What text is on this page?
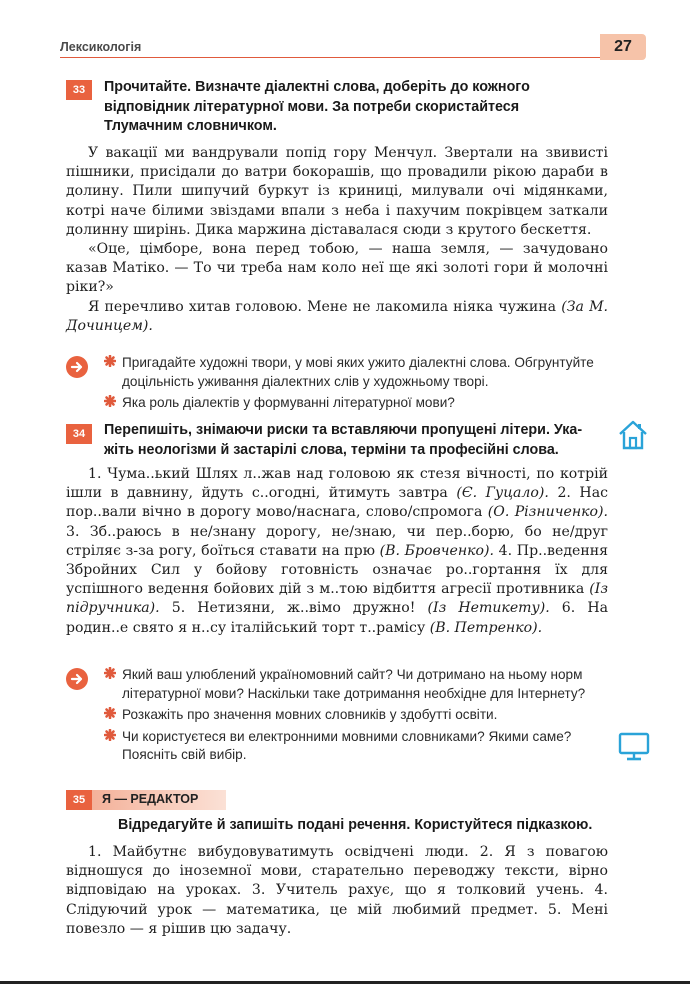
Лексикологія	27
33	Прочитайте. Визначте діалектні слова, доберіть до кожного
відповідник літературної мови. За потреби скористайтеся
Тлумачним словничком.

У вакації ми вандрували попід гору Менчул. Звертали на звивисті пішники, присідали до ватри бокорашів, що провадили рікою дараби в долину. Пили шипучий буркут із криниці, милували очі мідянками, котрі наче білими звіздами впали з неба і пахучим покрівцем заткали долинну ширінь. Дика маржина діставалася сюди з крутого бескеття.

«Оце, цімборе, вона перед тобою, — наша земля, — зачудовано казав Матіко. — То чи треба нам коло неї ще які золоті гори й молочні ріки?»

Я перечливо хитав головою. Мене не лакомила ніяка чужина (За М. Дочинцем).

Пригадайте художні твори, у мові яких ужито діалектні слова. Обгрунтуйте доцільність уживання діалектних слів у художньому творі.
Яка роль діалектів у формуванні літературної мови?
34	Перепишіть, знімаючи риски та вставляючи пропущені літери. Ука-
жіть неологізми й застарілі слова, терміни та професійні слова.

1. Чума..ький Шлях л..жав над головою як стезя вічності, по котрій ішли в давнину, йдуть с..огодні, йтимуть завтра (Є. Гуцало). 2. Нас пор..вали вічно в дорогу мово/наснага, слово/спромога (О. Різниченко). 3. Зб..раюсь в не/знану дорогу, не/знаю, чи пер..борю, бо не/друг стріляє з-за рогу, боїться ставати на прю (В. Бровченко). 4. Пр..ведення Збройних Сил у бойову готовність означає ро..гортання їх для успішного ведення бойових дій з м..тою відбиття агресії противника (Із підручника). 5. Нетизяни, ж..вімо дружно! (Із Нетикету). 6. На родин..е свято я н..су італійський торт т..рамісу (В. Петренко).

Який ваш улюблений україномовний сайт? Чи дотримано на ньому норм літературної мови? Наскільки таке дотримання необхідне для Інтернету?
Розкажіть про значення мовних словників у здобутті освіти.
Чи користуєтеся ви електронними мовними словниками? Якими саме? Поясніть свій вибір.
35	Я — РЕДАКТОР
Відредагуйте й запишіть подані речення. Користуйтеся підказкою.

1. Майбутнє вибудовуватимуть освідчені люди. 2. Я з повагою відношуся до іноземної мови, старательно переводжу тексти, вірно відповідаю на уроках. 3. Учитель рахує, що я толковий учень. 4. Слідуючий урок — математика, це мій любимий предмет. 5. Мені повезло — я рішив цю задачу.
